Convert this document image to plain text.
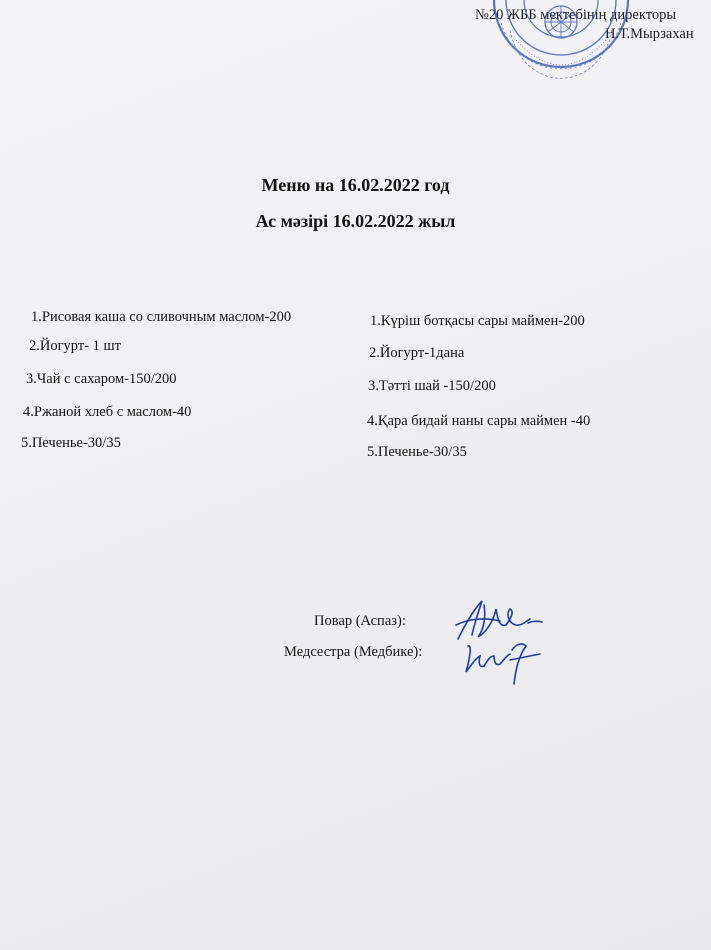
№20 ЖББ мектебінің директоры
Н.Т.Мырзахан
Меню на 16.02.2022 год
Ас мәзірі 16.02.2022 жыл
1.Рисовая каша со сливочным маслом-200
2.Йогурт- 1 шт
3.Чай с сахаром-150/200
4.Ржаной хлеб с маслом-40
5.Печенье-30/35
1.Күріш ботқасы сары маймен-200
2.Йогурт-1дана
3.Тәтті шай -150/200
4.Қара бидай наны сары маймен -40
5.Печенье-30/35
Повар (Аспаз):
Медсестра (Медбике):
